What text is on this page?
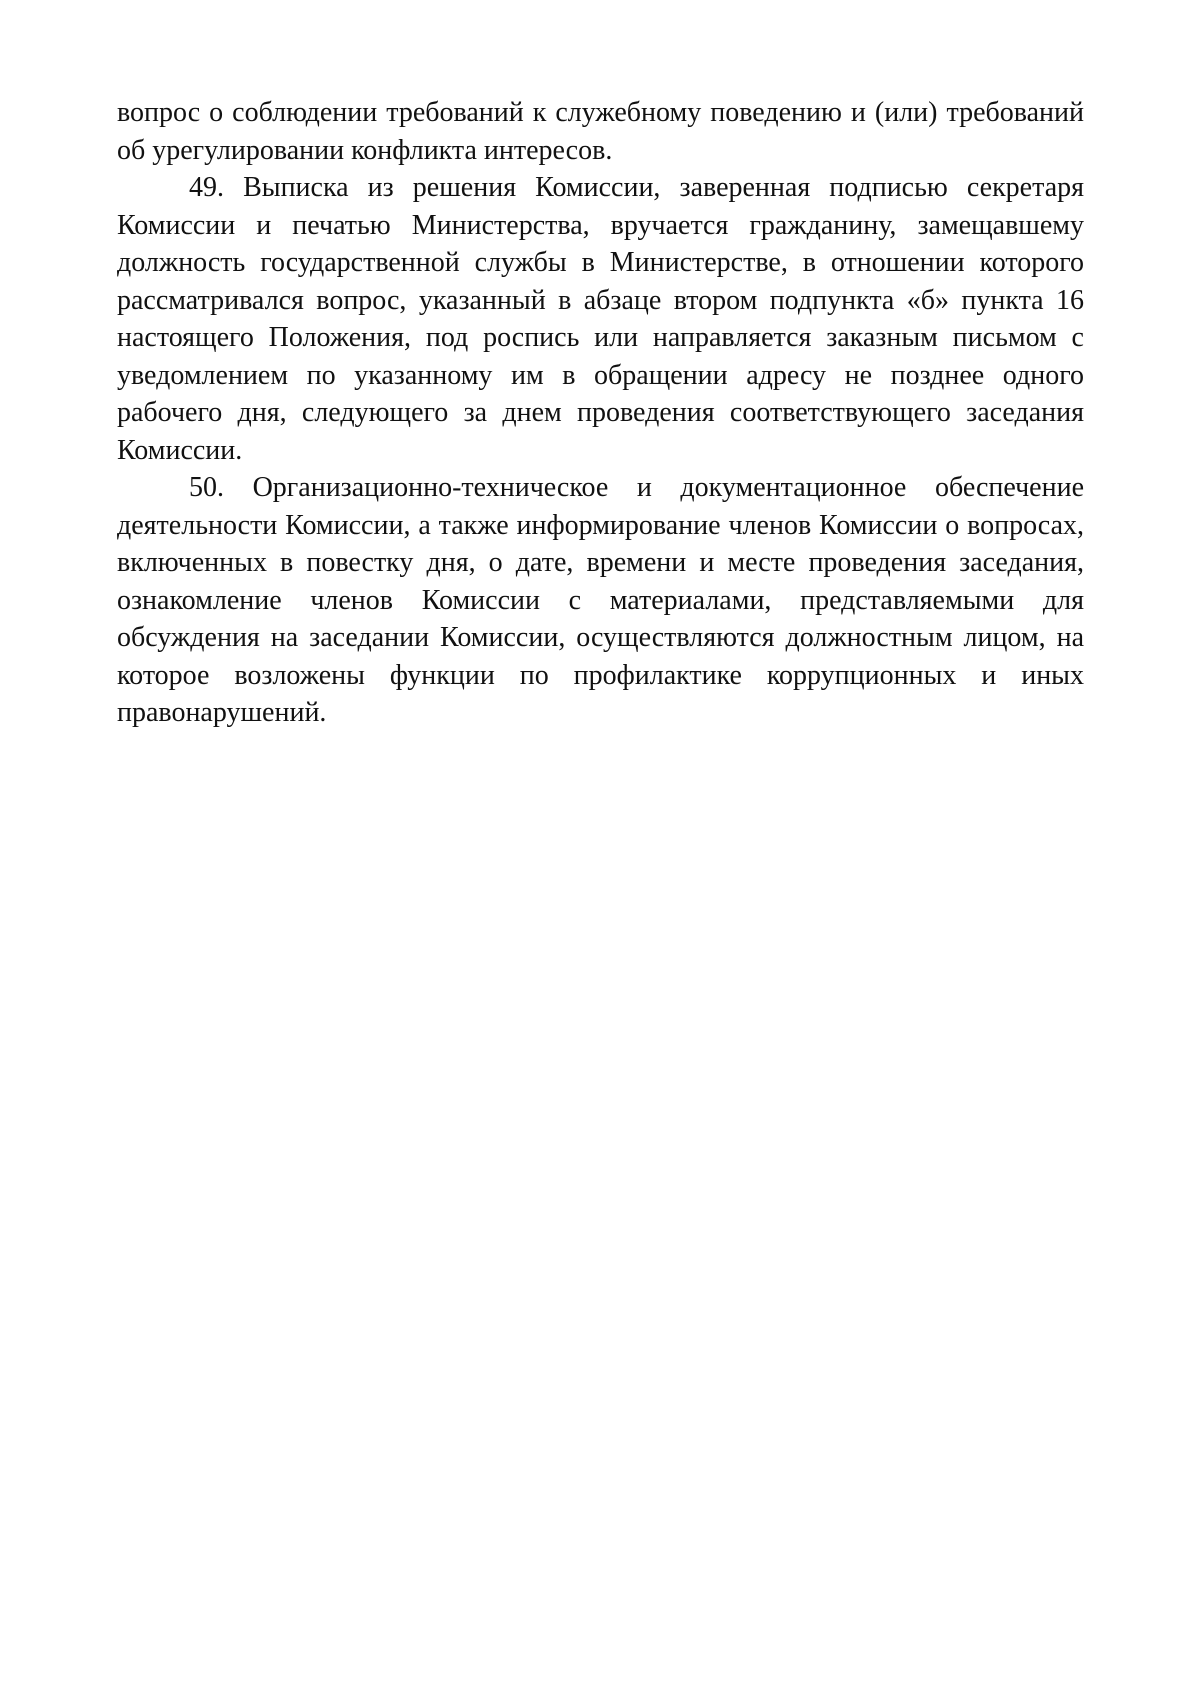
вопрос о соблюдении требований к служебному поведению и (или) требований об урегулировании конфликта интересов.

49. Выписка из решения Комиссии, заверенная подписью секретаря Комиссии и печатью Министерства, вручается гражданину, замещавшему должность государственной службы в Министерстве, в отношении которого рассматривался вопрос, указанный в абзаце втором подпункта «б» пункта 16 настоящего Положения, под роспись или направляется заказным письмом с уведомлением по указанному им в обращении адресу не позднее одного рабочего дня, следующего за днем проведения соответствующего заседания Комиссии.

50. Организационно-техническое и документационное обеспечение деятельности Комиссии, а также информирование членов Комиссии о вопросах, включенных в повестку дня, о дате, времени и месте проведения заседания, ознакомление членов Комиссии с материалами, представляемыми для обсуждения на заседании Комиссии, осуществляются должностным лицом, на которое возложены функции по профилактике коррупционных и иных правонарушений.
